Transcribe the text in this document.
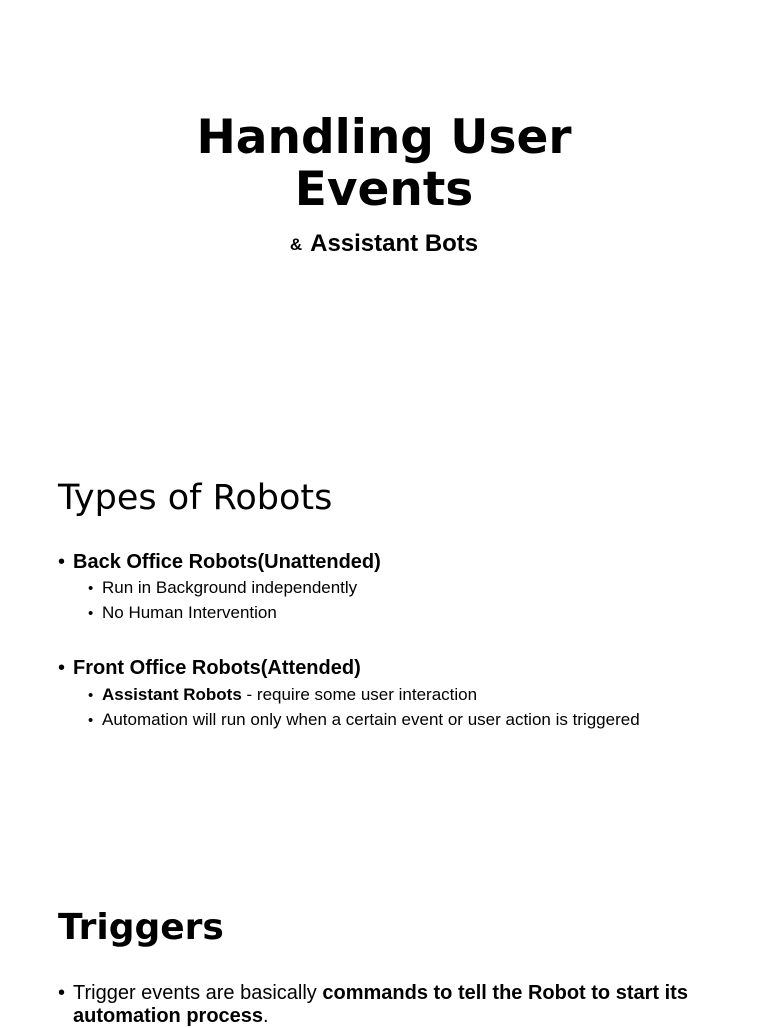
Handling User
Events
& Assistant Bots
Types of Robots
• Back Office Robots(Unattended)
• Run in Background independently
• No Human Intervention
• Front Office Robots(Attended)
• Assistant Robots - require some user interaction
• Automation will run only when a certain event or user action is triggered
Triggers
• Trigger events are basically commands to tell the Robot to start its
automation process.
